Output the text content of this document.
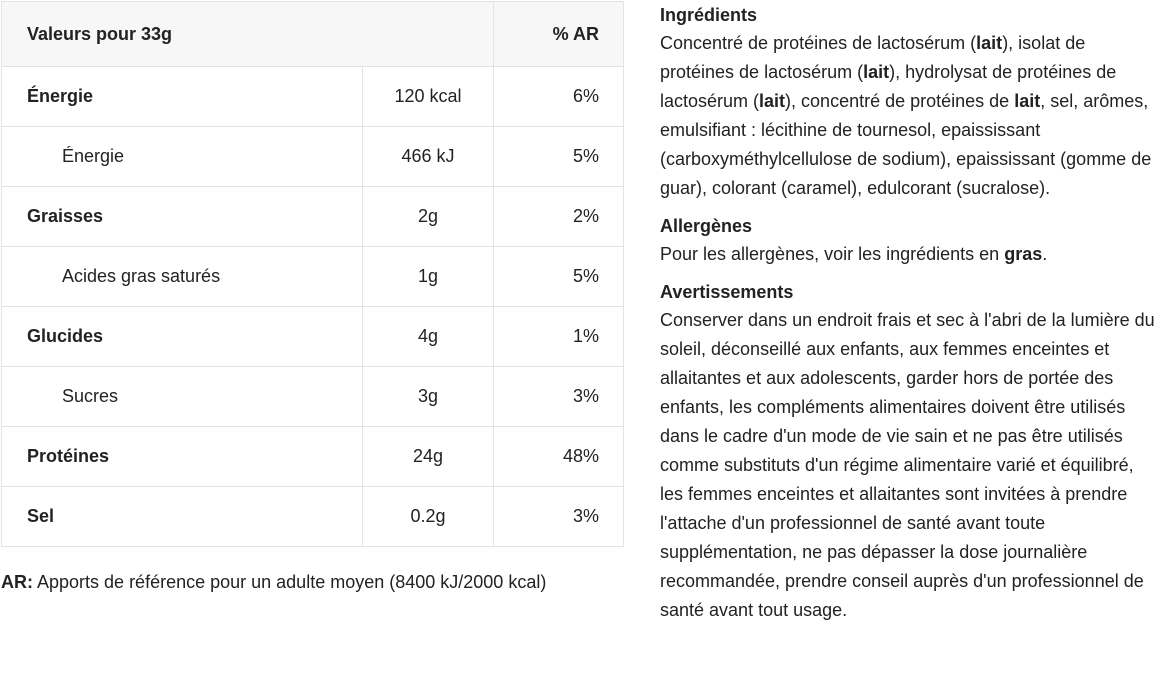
Valeurs pour 33g		% AR
Énergie	120 kcal	6%
Énergie	466 kJ	5%
Graisses	2g	2%
Acides gras saturés	1g	5%
Glucides	4g	1%
Sucres	3g	3%
Protéines	24g	48%
Sel	0.2g	3%
AR: Apports de référence pour un adulte moyen (8400 kJ/2000 kcal)
Ingrédients

Concentré de protéines de lactosérum (lait), isolat de protéines de lactosérum (lait), hydrolysat de protéines de lactosérum (lait), concentré de protéines de lait, sel, arômes, emulsifiant : lécithine de tournesol, epaississant (carboxyméthylcellulose de sodium), epaississant (gomme de guar), colorant (caramel), edulcorant (sucralose).

Allergènes

Pour les allergènes, voir les ingrédients en gras.

Avertissements

Conserver dans un endroit frais et sec à l'abri de la lumière du soleil, déconseillé aux enfants, aux femmes enceintes et allaitantes et aux adolescents, garder hors de portée des enfants, les compléments alimentaires doivent être utilisés dans le cadre d'un mode de vie sain et ne pas être utilisés comme substituts d'un régime alimentaire varié et équilibré, les femmes enceintes et allaitantes sont invitées à prendre l'attache d'un professionnel de santé avant toute supplémentation, ne pas dépasser la dose journalière recommandée, prendre conseil auprès d'un professionnel de santé avant tout usage.
